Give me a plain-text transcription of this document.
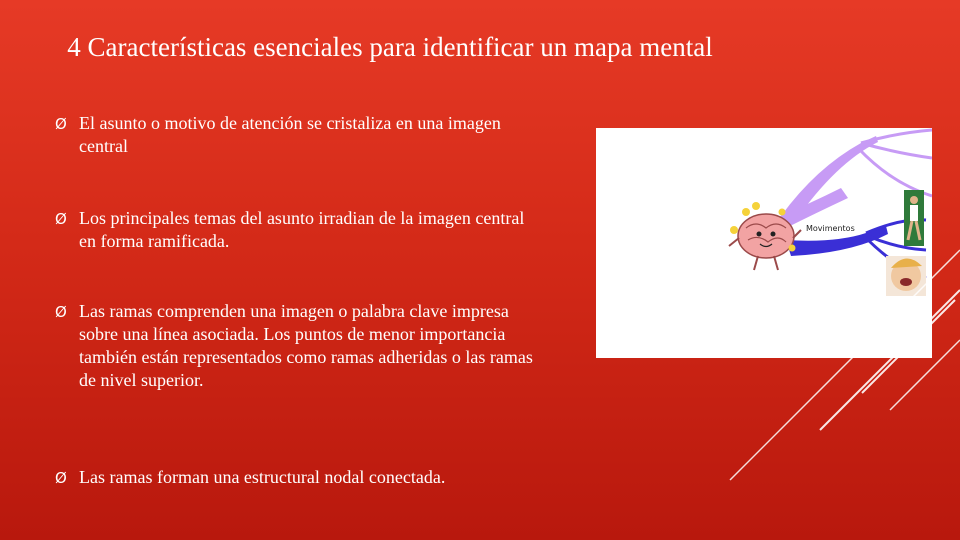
4 Características esenciales para identificar un mapa mental
Ø El asunto o motivo de atención se cristaliza en una imagen central
Ø Los principales temas del asunto irradian de la imagen central en forma ramificada.
Ø Las ramas comprenden una imagen o palabra clave impresa sobre una línea asociada. Los puntos de menor importancia también están representados como ramas adheridas o las ramas de nivel superior.
Ø Las ramas forman una estructural nodal conectada.
Movimentos
